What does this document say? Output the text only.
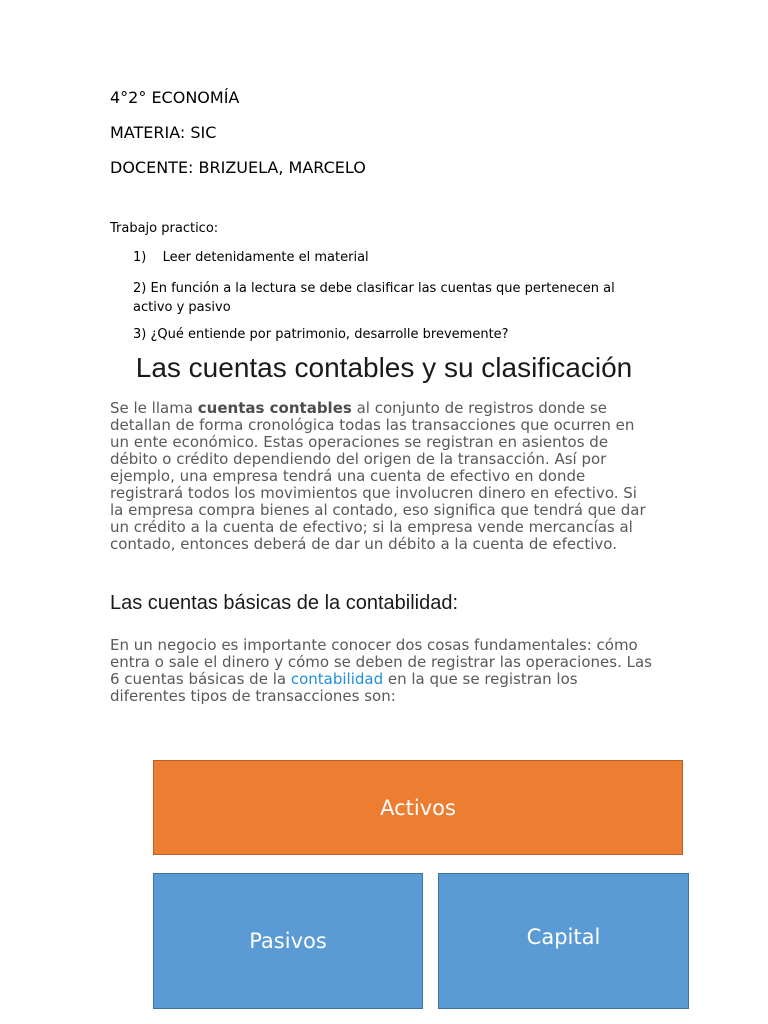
4°2° ECONOMÍA
MATERIA: SIC
DOCENTE: BRIZUELA, MARCELO
Trabajo practico:
1) Leer detenidamente el material
2) En función a la lectura se debe clasificar las cuentas que pertenecen al activo y pasivo
3) ¿Qué entiende por patrimonio, desarrolle brevemente?
Las cuentas contables y su clasificación
Se le llama cuentas contables al conjunto de registros donde se detallan de forma cronológica todas las transacciones que ocurren en un ente económico. Estas operaciones se registran en asientos de débito o crédito dependiendo del origen de la transacción. Así por ejemplo, una empresa tendrá una cuenta de efectivo en donde registrará todos los movimientos que involucren dinero en efectivo. Si la empresa compra bienes al contado, eso significa que tendrá que dar un crédito a la cuenta de efectivo; si la empresa vende mercancías al contado, entonces deberá de dar un débito a la cuenta de efectivo.
Las cuentas básicas de la contabilidad:
En un negocio es importante conocer dos cosas fundamentales: cómo entra o sale el dinero y cómo se deben de registrar las operaciones. Las 6 cuentas básicas de la contabilidad en la que se registran los diferentes tipos de transacciones son:
Activos
Pasivos	Capital
